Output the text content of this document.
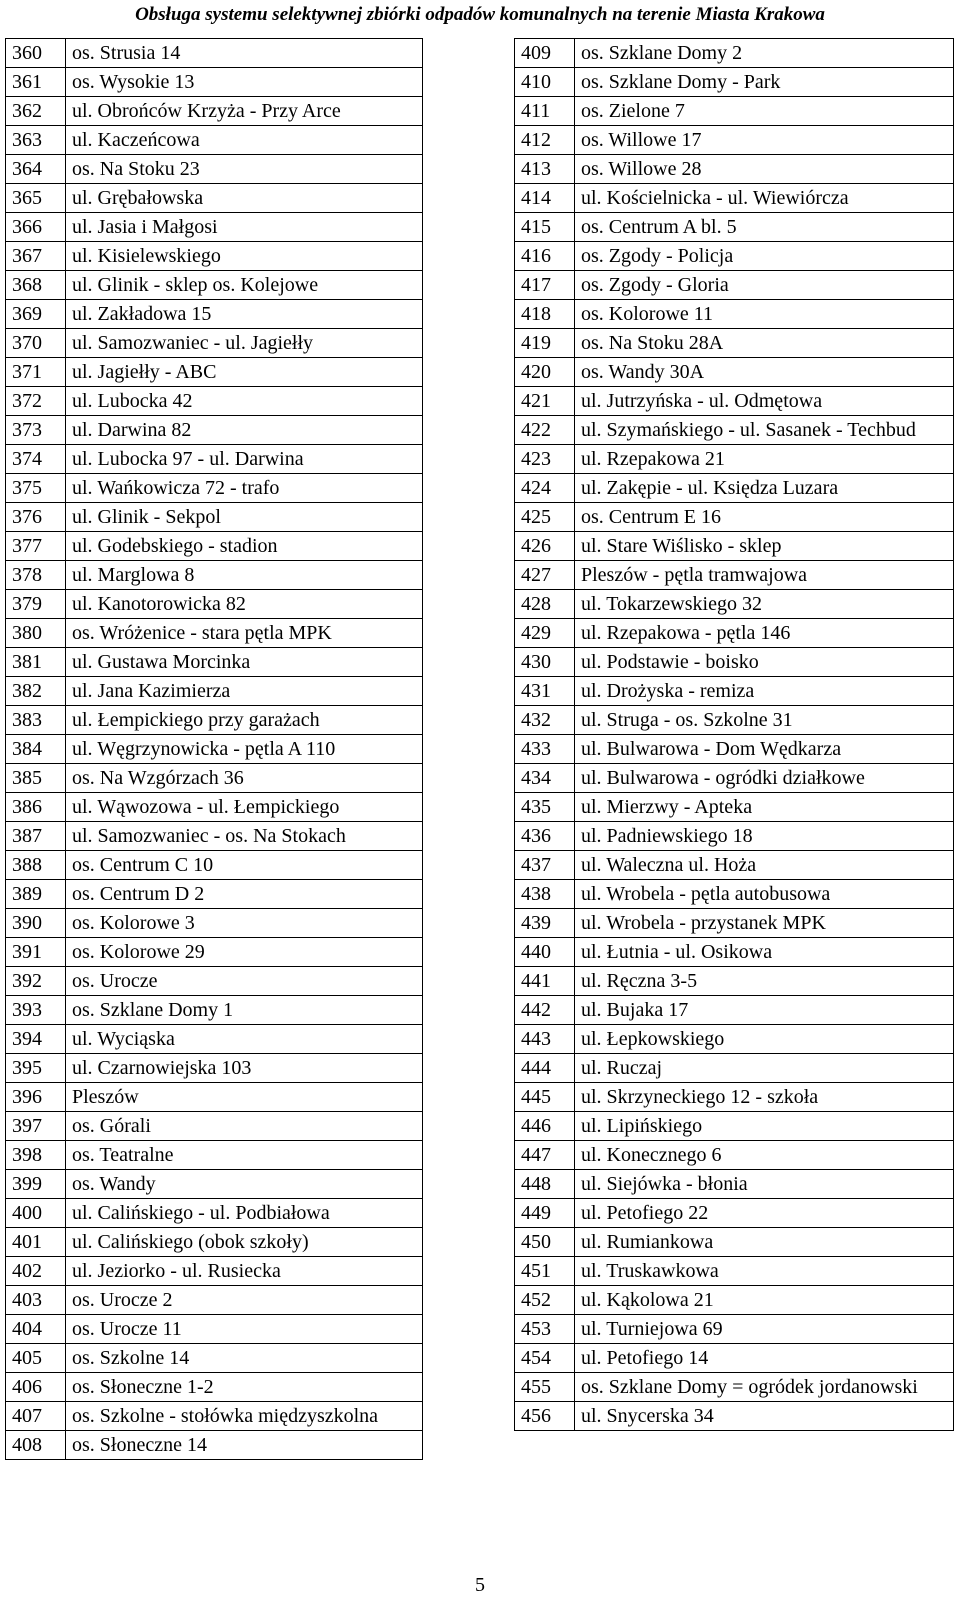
Obsługa systemu selektywnej zbiórki odpadów komunalnych na terenie Miasta Krakowa
360	os. Strusia 14
361	os. Wysokie 13
362	ul. Obrońców Krzyża - Przy Arce
363	ul. Kaczeńcowa
364	os. Na Stoku 23
365	ul. Grębałowska
366	ul. Jasia i Małgosi
367	ul. Kisielewskiego
368	ul. Glinik - sklep os. Kolejowe
369	ul. Zakładowa 15
370	ul. Samozwaniec - ul. Jagiełły
371	ul. Jagiełły - ABC
372	ul. Lubocka 42
373	ul. Darwina 82
374	ul. Lubocka 97 - ul. Darwina
375	ul. Wańkowicza 72 - trafo
376	ul. Glinik - Sekpol
377	ul. Godebskiego - stadion
378	ul. Marglowa 8
379	ul. Kanotorowicka 82
380	os. Wróżenice - stara pętla MPK
381	ul. Gustawa Morcinka
382	ul. Jana Kazimierza
383	ul. Łempickiego przy garażach
384	ul. Węgrzynowicka - pętla A 110
385	os. Na Wzgórzach 36
386	ul. Wąwozowa - ul. Łempickiego
387	ul. Samozwaniec - os. Na Stokach
388	os. Centrum C 10
389	os. Centrum D 2
390	os. Kolorowe 3
391	os. Kolorowe 29
392	os. Urocze
393	os. Szklane Domy 1
394	ul. Wyciąska
395	ul. Czarnowiejska 103
396	Pleszów
397	os. Górali
398	os. Teatralne
399	os. Wandy
400	ul. Calińskiego - ul. Podbiałowa
401	ul. Calińskiego (obok szkoły)
402	ul. Jeziorko - ul. Rusiecka
403	os. Urocze 2
404	os. Urocze 11
405	os. Szkolne 14
406	os. Słoneczne 1-2
407	os. Szkolne - stołówka międzyszkolna
408	os. Słoneczne 14
409	os. Szklane Domy 2
410	os. Szklane Domy - Park
411	os. Zielone 7
412	os. Willowe 17
413	os. Willowe 28
414	ul. Kościelnicka - ul. Wiewiórcza
415	os. Centrum A bl. 5
416	os. Zgody - Policja
417	os. Zgody - Gloria
418	os. Kolorowe 11
419	os. Na Stoku 28A
420	os. Wandy 30A
421	ul. Jutrzyńska - ul. Odmętowa
422	ul. Szymańskiego - ul. Sasanek - Techbud
423	ul. Rzepakowa 21
424	ul. Zakępie - ul. Księdza Luzara
425	os. Centrum E 16
426	ul. Stare Wiślisko - sklep
427	Pleszów - pętla tramwajowa
428	ul. Tokarzewskiego 32
429	ul. Rzepakowa - pętla 146
430	ul. Podstawie - boisko
431	ul. Drożyska - remiza
432	ul. Struga - os. Szkolne 31
433	ul. Bulwarowa - Dom Wędkarza
434	ul. Bulwarowa - ogródki działkowe
435	ul. Mierzwy - Apteka
436	ul. Padniewskiego 18
437	ul. Waleczna ul. Hoża
438	ul. Wrobela - pętla autobusowa
439	ul. Wrobela - przystanek MPK
440	ul. Łutnia - ul. Osikowa
441	ul. Ręczna 3-5
442	ul. Bujaka 17
443	ul. Łepkowskiego
444	ul. Ruczaj
445	ul. Skrzyneckiego 12 - szkoła
446	ul. Lipińskiego
447	ul. Konecznego 6
448	ul. Siejówka - błonia
449	ul. Petofiego 22
450	ul. Rumiankowa
451	ul. Truskawkowa
452	ul. Kąkolowa 21
453	ul. Turniejowa 69
454	ul. Petofiego 14
455	os. Szklane Domy = ogródek jordanowski
456	ul. Snycerska 34
5
